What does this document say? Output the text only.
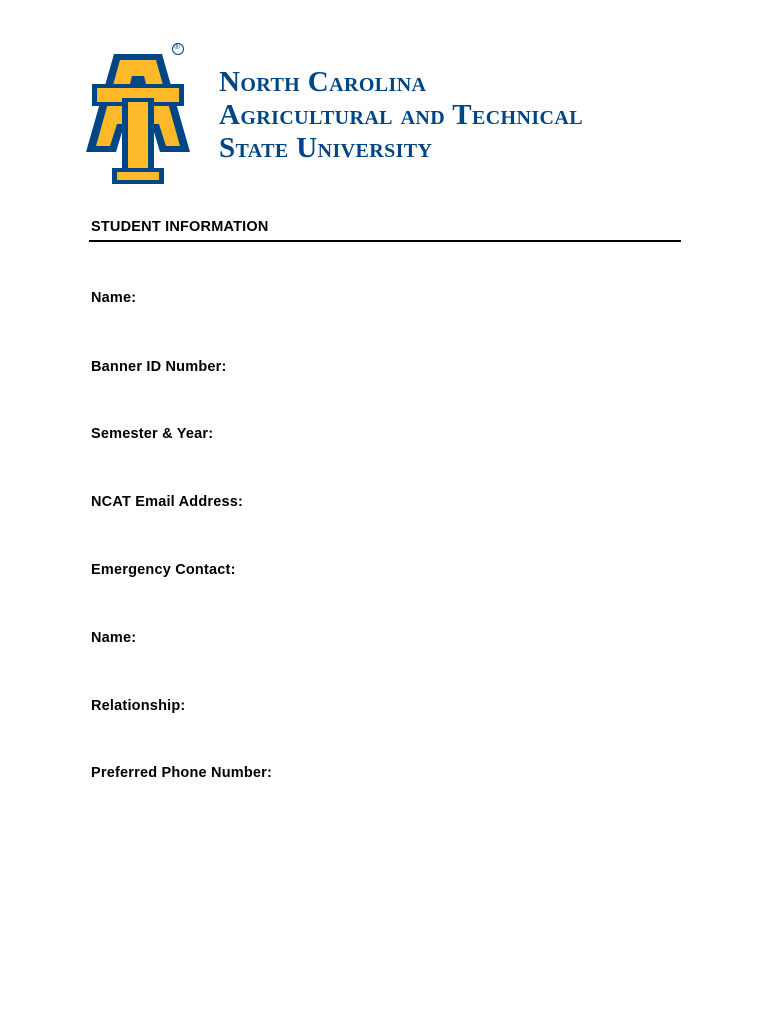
®
North Carolina
Agricultural and Technical
State University
STUDENT INFORMATION
Name:
Banner ID Number:
Semester & Year:
NCAT Email Address:
Emergency Contact:
Name:
Relationship:
Preferred Phone Number:
